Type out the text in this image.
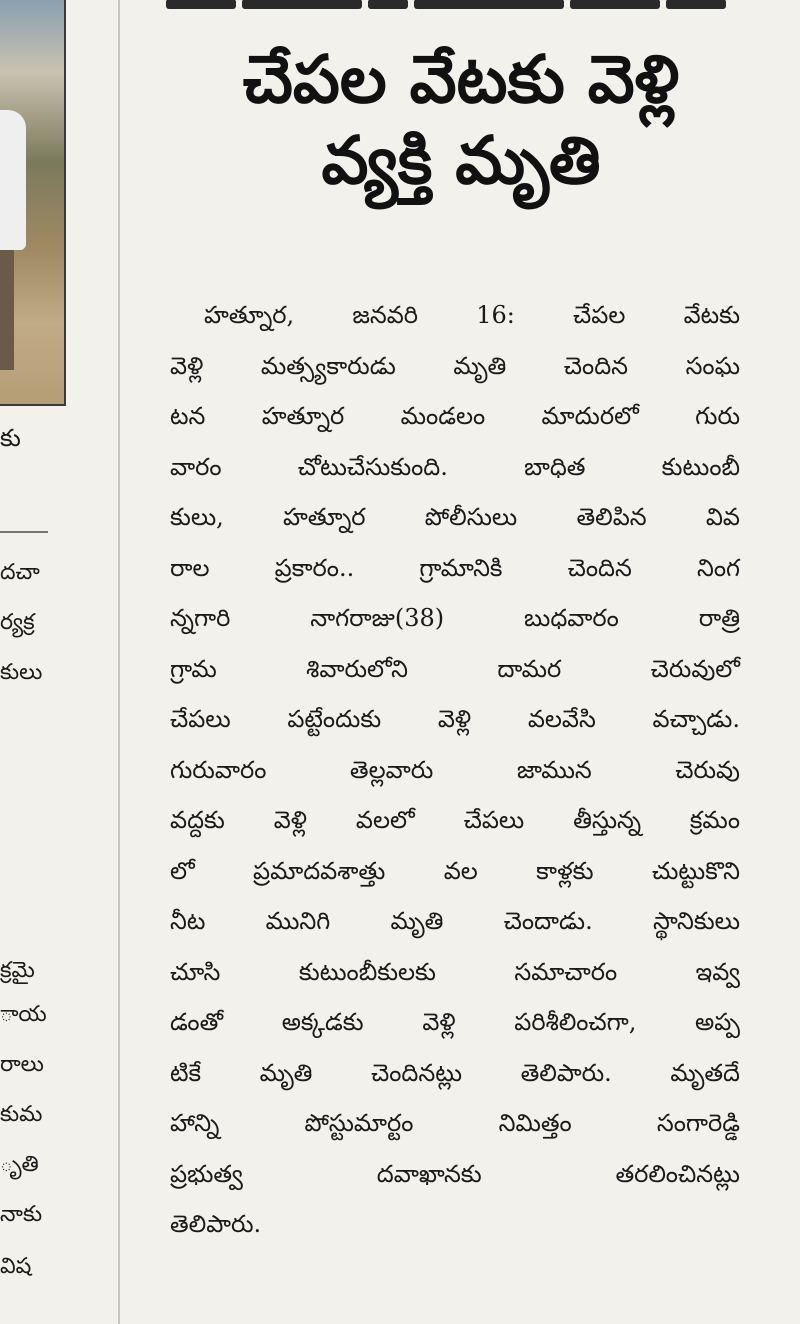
కు
దచా
ర్యక్ర
కులు
క్రమై
ాయ
రాలు
కుమ
ృతి
నాకు
విష
చేపల వేటకు వెళ్లి
వ్యక్తి మృతి
హత్నూర, జనవరి 16: చేపల వేటకు
వెళ్లి మత్స్యకారుడు మృతి చెందిన సంఘ
టన హత్నూర మండలం మాదురలో గురు
వారం చోటుచేసుకుంది. బాధిత కుటుంబీ
కులు, హత్నూర పోలీసులు తెలిపిన వివ
రాల ప్రకారం.. గ్రామానికి చెందిన నింగ
న్నగారి నాగరాజు(38) బుధవారం రాత్రి
గ్రామ శివారులోని దామర చెరువులో
చేపలు పట్టేందుకు వెళ్లి వలవేసి వచ్చాడు.
గురువారం తెల్లవారు జామున చెరువు
వద్దకు వెళ్లి వలలో చేపలు తీస్తున్న క్రమం
లో ప్రమాదవశాత్తు వల కాళ్లకు చుట్టుకొని
నీట మునిగి మృతి చెందాడు. స్థానికులు
చూసి కుటుంబీకులకు సమాచారం ఇవ్వ
డంతో అక్కడకు వెళ్లి పరిశీలించగా, అప్ప
టికే మృతి చెందినట్లు తెలిపారు. మృతదే
హాన్ని పోస్టుమార్టం నిమిత్తం సంగారెడ్డి
ప్రభుత్వ దవాఖానకు తరలించినట్లు
తెలిపారు.
